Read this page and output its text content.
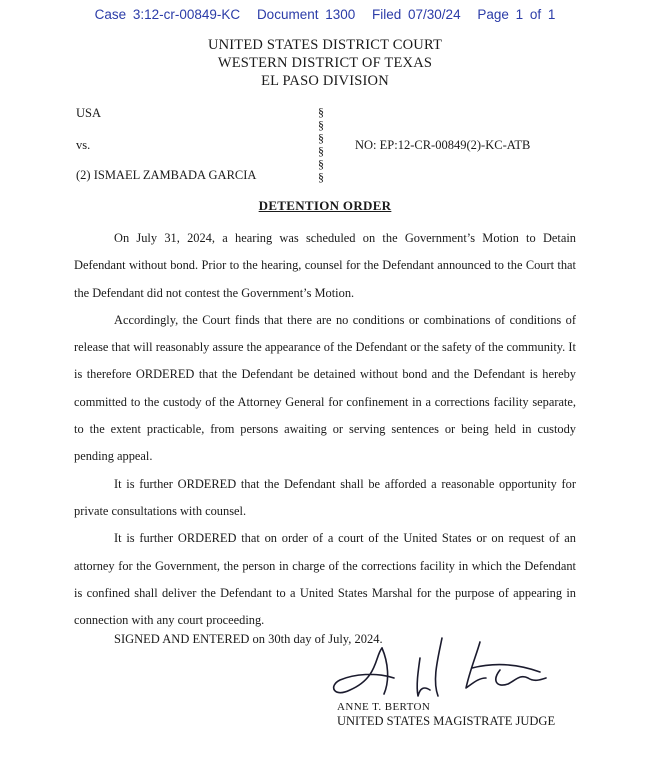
Case 3:12-cr-00849-KC Document 1300 Filed 07/30/24 Page 1 of 1
UNITED STATES DISTRICT COURT
WESTERN DISTRICT OF TEXAS
EL PASO DIVISION
USA
vs.
(2) ISMAEL ZAMBADA GARCIA
§
§
§
§
§
§
NO: EP:12-CR-00849(2)-KC-ATB
DETENTION ORDER

On July 31, 2024, a hearing was scheduled on the Government’s Motion to Detain Defendant without bond. Prior to the hearing, counsel for the Defendant announced to the Court that the Defendant did not contest the Government’s Motion.

Accordingly, the Court finds that there are no conditions or combinations of conditions of release that will reasonably assure the appearance of the Defendant or the safety of the community. It is therefore ORDERED that the Defendant be detained without bond and the Defendant is hereby committed to the custody of the Attorney General for confinement in a corrections facility separate, to the extent practicable, from persons awaiting or serving sentences or being held in custody pending appeal.

It is further ORDERED that the Defendant shall be afforded a reasonable opportunity for private consultations with counsel.

It is further ORDERED that on order of a court of the United States or on request of an attorney for the Government, the person in charge of the corrections facility in which the Defendant is confined shall deliver the Defendant to a United States Marshal for the purpose of appearing in connection with any court proceeding.

SIGNED AND ENTERED on 30th day of July, 2024.
ANNE T. BERTON
UNITED STATES MAGISTRATE JUDGE
